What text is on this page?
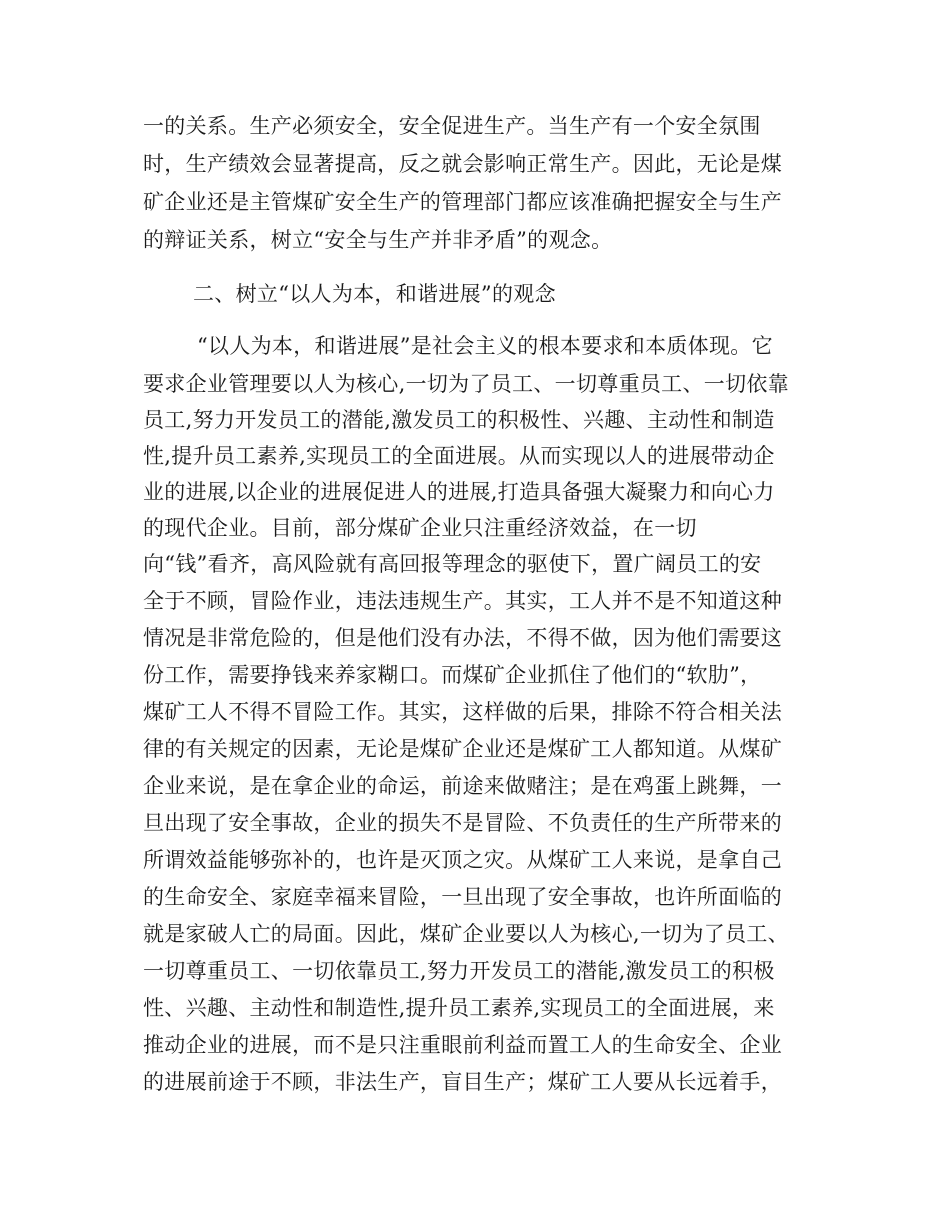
一的关系。生产必须安全，安全促进生产。当生产有一个安全氛围
时，生产绩效会显著提高，反之就会影响正常生产。因此，无论是煤
矿企业还是主管煤矿安全生产的管理部门都应该准确把握安全与生产
的辩证关系，树立“安全与生产并非矛盾”的观念。
二、树立“以人为本，和谐进展”的观念
“以人为本，和谐进展”是社会主义的根本要求和本质体现。它
要求企业管理要以人为核心,一切为了员工、一切尊重员工、一切依靠
员工,努力开发员工的潜能,激发员工的积极性、兴趣、主动性和制造
性,提升员工素养,实现员工的全面进展。从而实现以人的进展带动企
业的进展,以企业的进展促进人的进展,打造具备强大凝聚力和向心力
的现代企业。目前，部分煤矿企业只注重经济效益，在一切
向“钱”看齐，高风险就有高回报等理念的驱使下，置广阔员工的安
全于不顾，冒险作业，违法违规生产。其实，工人并不是不知道这种
情况是非常危险的，但是他们没有办法，不得不做，因为他们需要这
份工作，需要挣钱来养家糊口。而煤矿企业抓住了他们的“软肋”，
煤矿工人不得不冒险工作。其实，这样做的后果，排除不符合相关法
律的有关规定的因素，无论是煤矿企业还是煤矿工人都知道。从煤矿
企业来说，是在拿企业的命运，前途来做赌注；是在鸡蛋上跳舞，一
旦出现了安全事故，企业的损失不是冒险、不负责任的生产所带来的
所谓效益能够弥补的，也许是灭顶之灾。从煤矿工人来说，是拿自己
的生命安全、家庭幸福来冒险，一旦出现了安全事故，也许所面临的
就是家破人亡的局面。因此，煤矿企业要以人为核心,一切为了员工、
一切尊重员工、一切依靠员工,努力开发员工的潜能,激发员工的积极
性、兴趣、主动性和制造性,提升员工素养,实现员工的全面进展，来
推动企业的进展，而不是只注重眼前利益而置工人的生命安全、企业
的进展前途于不顾，非法生产，盲目生产；煤矿工人要从长远着手，
